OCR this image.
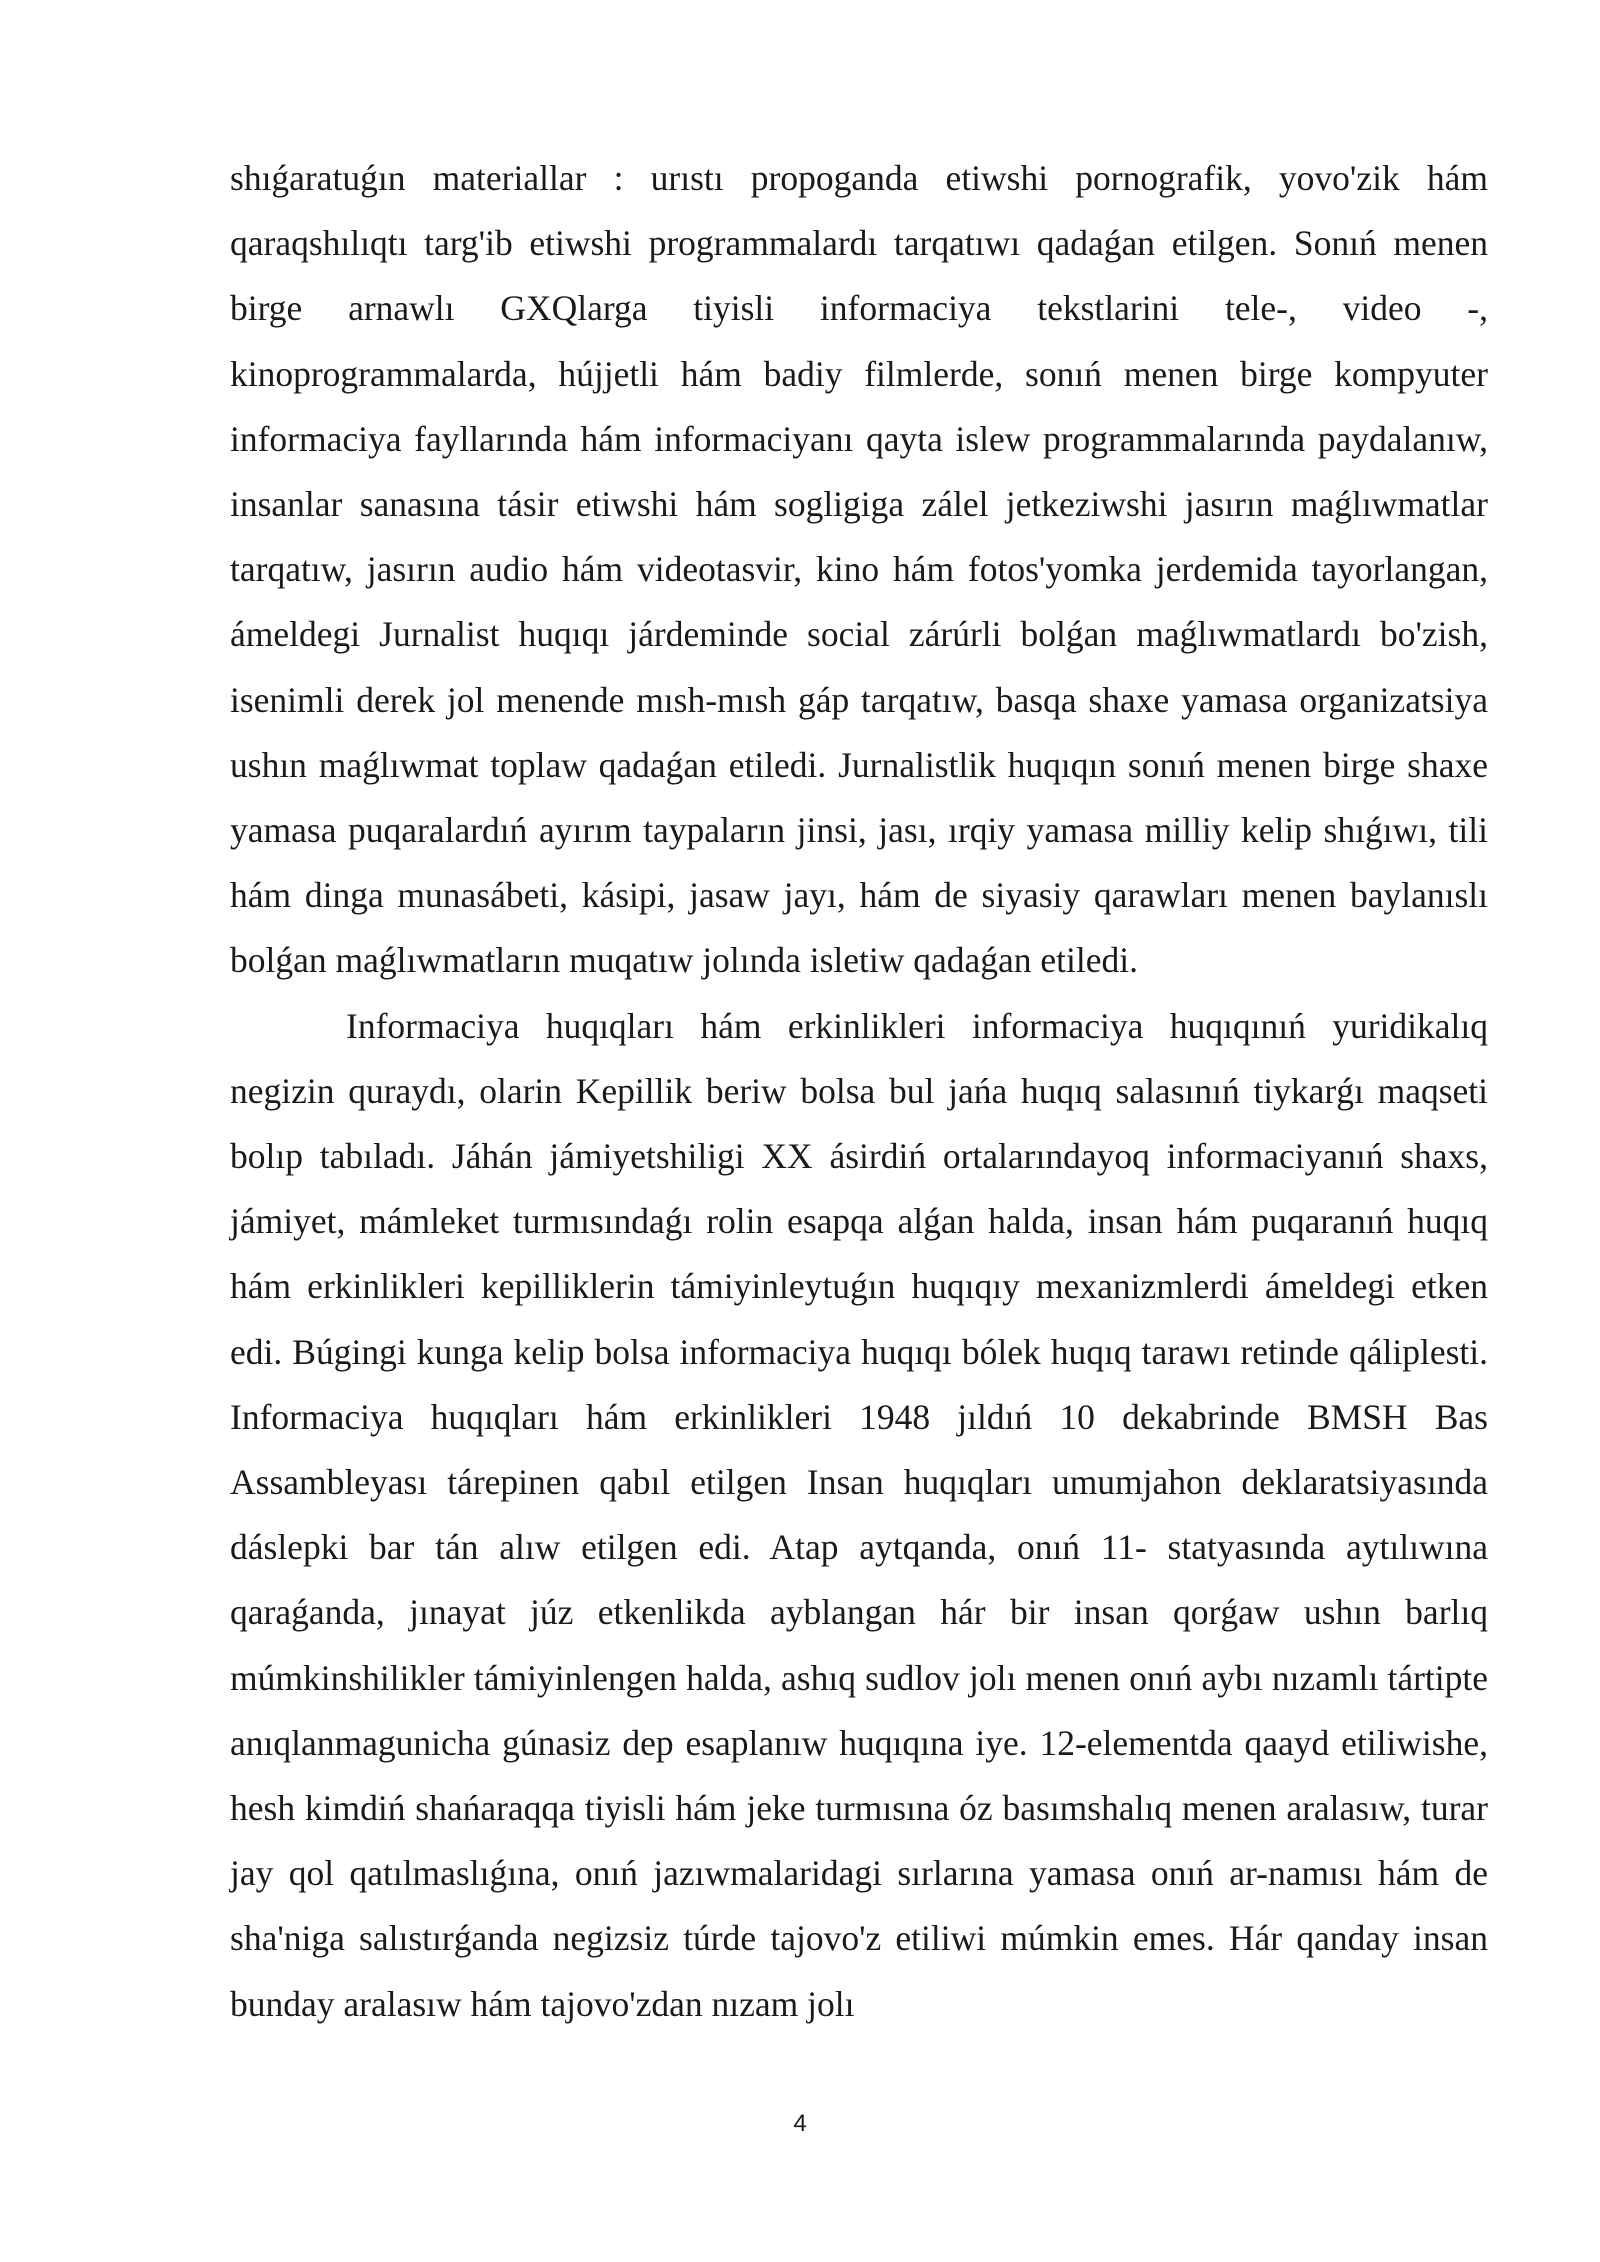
shıǵaratuǵın materiallar : urıstı propoganda etiwshi pornografik, yovo'zik hám qaraqshılıqtı targ'ib etiwshi programmalardı tarqatıwı qadaǵan etilgen. Sonıń menen birge arnawlı GXQlarga tiyisli informaciya tekstlarini tele-, video -, kinoprogrammalarda, hújjetli hám badiy filmlerde, sonıń menen birge kompyuter informaciya fayllarında hám informaciyanı qayta islew programmalarında paydalanıw, insanlar sanasına tásir etiwshi hám sogligiga zálel jetkeziwshi jasırın maǵlıwmatlar tarqatıw, jasırın audio hám videotasvir, kino hám fotos'yomka jerdemida tayorlangan, ámeldegi Jurnalist huqıqı járdeminde social zárúrli bolǵan maǵlıwmatlardı bo'zish, isenimli derek jol menende mısh-mısh gáp tarqatıw, basqa shaxe yamasa organizatsiya ushın maǵlıwmat toplaw qadaǵan etiledi. Jurnalistlik huqıqın sonıń menen birge shaxe yamasa puqaralardıń ayırım taypaların jinsi, jası, ırqiy yamasa milliy kelip shıǵıwı, tili hám dinga munasábeti, kásipi, jasaw jayı, hám de siyasiy qarawları menen baylanıslı bolǵan maǵlıwmatların muqatıw jolında isletiw qadaǵan etiledi.

Informaciya huqıqları hám erkinlikleri informaciya huqıqınıń yuridikalıq negizin quraydı, olarin Kepillik beriw bolsa bul jańa huqıq salasınıń tiykarǵı maqseti bolıp tabıladı. Jáhán jámiyetshiligi XX ásirdiń ortalarındayoq informaciyanıń shaxs, jámiyet, mámleket turmısındaǵı rolin esapqa alǵan halda, insan hám puqaranıń huqıq hám erkinlikleri kepilliklerin támiyinleytuǵın huqıqıy mexanizmlerdi ámeldegi etken edi. Búgingi kunga kelip bolsa informaciya huqıqı bólek huqıq tarawı retinde qáliplesti. Informaciya huqıqları hám erkinlikleri 1948 jıldıń 10 dekabrinde BMSH Bas Assambleyası tárepinen qabıl etilgen Insan huqıqları umumjahon deklaratsiyasında dáslepki bar tán alıw etilgen edi. Atap aytqanda, onıń 11- statyasında aytılıwına qaraǵanda, jınayat júz etkenlikda ayblangan hár bir insan qorǵaw ushın barlıq múmkinshilikler támiyinlengen halda, ashıq sudlov jolı menen onıń aybı nızamlı tártipte anıqlanmagunicha gúnasiz dep esaplanıw huqıqına iye. 12-elementda qaayd etiliwishe, hesh kimdiń shańaraqqa tiyisli hám jeke turmısına óz basımshalıq menen aralasıw, turar jay qol qatılmaslıǵına, onıń jazıwmalaridagi sırlarına yamasa onıń ar-namısı hám de sha'niga salıstırǵanda negizsiz túrde tajovo'z etiliwi múmkin emes. Hár qanday insan bunday aralasıw hám tajovo'zdan nızam jolı

4
